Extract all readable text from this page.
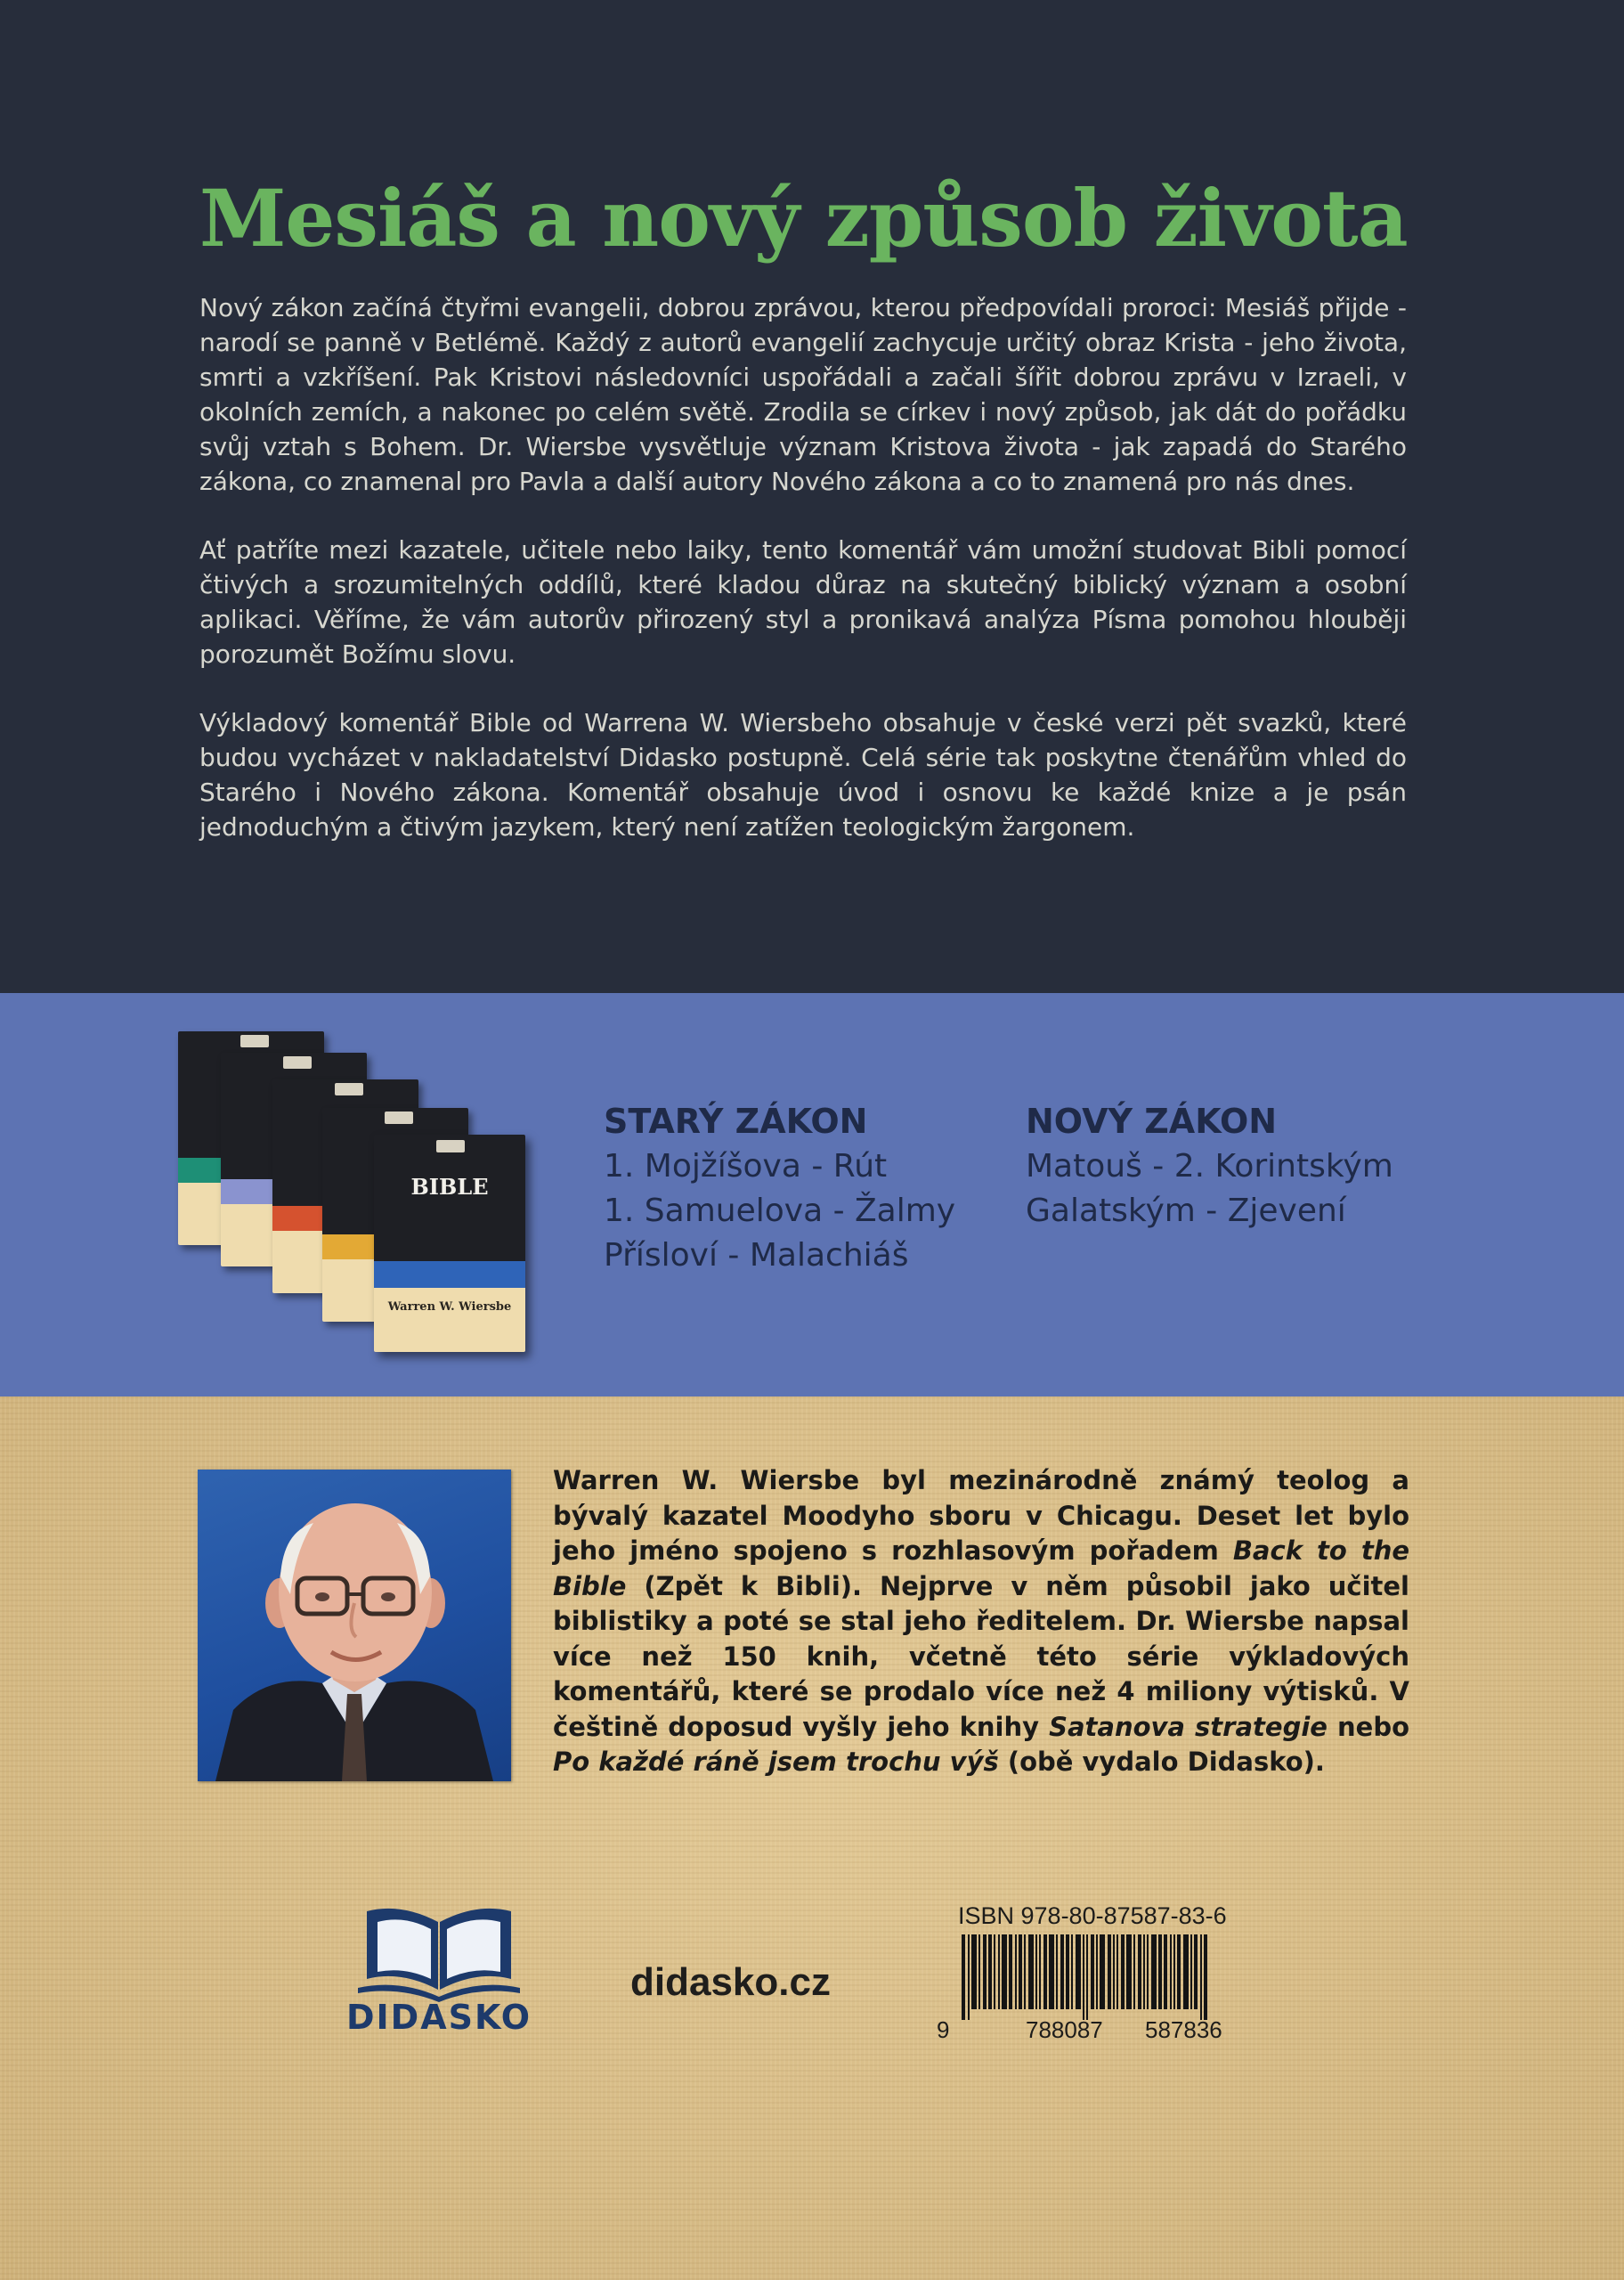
Mesiáš a nový způsob života

Nový zákon začíná čtyřmi evangelii, dobrou zprávou, kterou předpovídali proroci: Mesiáš přijde - narodí se panně v Betlémě. Každý z autorů evangelií zachycuje určitý obraz Krista - jeho života, smrti a vzkříšení. Pak Kristovi následovníci uspořádali a začali šířit dobrou zprávu v Izraeli, v okolních zemích, a nakonec po celém světě. Zrodila se církev i nový způsob, jak dát do pořádku svůj vztah s Bohem. Dr. Wiersbe vysvětluje význam Kristova života - jak zapadá do Starého zákona, co znamenal pro Pavla a další autory Nového zákona a co to znamená pro nás dnes.

Ať patříte mezi kazatele, učitele nebo laiky, tento komentář vám umožní studovat Bibli pomocí čtivých a srozumitelných oddílů, které kladou důraz na skutečný biblický význam a osobní aplikaci. Věříme, že vám autorův přirozený styl a pronikavá analýza Písma pomohou hlouběji porozumět Božímu slovu.

Výkladový komentář Bible od Warrena W. Wiersbeho obsahuje v české verzi pět svazků, které budou vycházet v nakladatelství Didasko postupně. Celá série tak poskytne čtenářům vhled do Starého i Nového zákona. Komentář obsahuje úvod i osnovu ke každé knize a je psán jednoduchým a čtivým jazykem, který není zatížen teologickým žargonem.

BIBLE
Warren W. Wiersbe
STARÝ ZÁKON
1. Mojžíšova - Rút
1. Samuelova - Žalmy
Přísloví - Malachiáš
NOVÝ ZÁKON
Matouš - 2. Korintským
Galatským - Zjevení

Warren W. Wiersbe byl mezinárodně známý teolog a bývalý kazatel Moodyho sboru v Chicagu. Deset let bylo jeho jméno spojeno s rozhlasovým pořadem Back to the Bible (Zpět k Bibli). Nejprve v něm působil jako učitel biblistiky a poté se stal jeho ředitelem. Dr. Wiersbe napsal více než 150 knih, včetně této série výkladových komentářů, které se prodalo více než 4 miliony výtisků. V češtině doposud vyšly jeho knihy Satanova strategie nebo Po každé ráně jsem trochu výš (obě vydalo Didasko).

DIDASKO
didasko.cz
ISBN 978-80-87587-83-6
9	788087 587836
